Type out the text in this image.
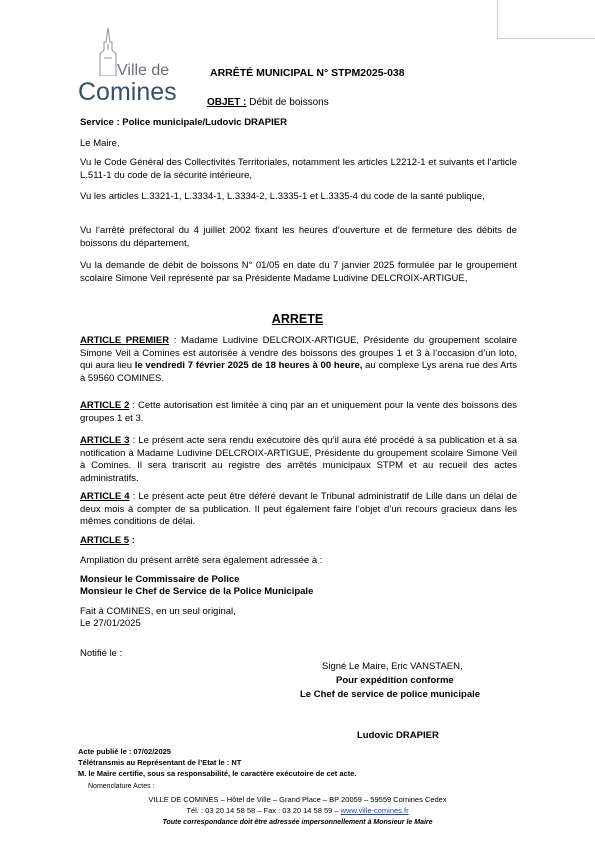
Ville de
Comines
ARRÊTÉ MUNICIPAL N° STPM2025-038
OBJET : Débit de boissons
Service : Police municipale/Ludovic DRAPIER
Le Maire,
Vu le Code Général des Collectivités Territoriales, notamment les articles L2212-1 et suivants et l’article L.511-1 du code de la sécurité intérieure,
Vu les articles L.3321-1, L.3334-1, L.3334-2, L.3335-1 et L.3335-4 du code de la santé publique,
Vu l’arrêté préfectoral du 4 juillet 2002 fixant les heures d’ouverture et de fermeture des débits de boissons du département,
Vu la demande de débit de boissons N° 01/05 en date du 7 janvier 2025 formulée par le groupement scolaire Simone Veil représenté par sa Présidente Madame Ludivine DELCROIX-ARTIGUE,
ARRETE
ARTICLE PREMIER : Madame Ludivine DELCROIX-ARTIGUE, Présidente du groupement scolaire Simone Veil à Comines est autorisée à vendre des boissons des groupes 1 et 3 à l’occasion d’un loto, qui aura lieu le vendredi 7 février 2025 de 18 heures à 00 heure, au complexe Lys arena rue des Arts à 59560 COMINES.
ARTICLE 2 : Cette autorisation est limitée à cinq par an et uniquement pour la vente des boissons des groupes 1 et 3.
ARTICLE 3 : Le présent acte sera rendu exécutoire dès qu’il aura été procédé à sa publication et à sa notification à Madame Ludivine DELCROIX-ARTIGUE, Présidente du groupement scolaire Simone Veil à Comines. Il sera transcrit au registre des arrêtés municipaux STPM et au recueil des actes administratifs.
ARTICLE 4 : Le présent acte peut être déféré devant le Tribunal administratif de Lille dans un délai de deux mois à compter de sa publication. Il peut également faire l’objet d’un recours gracieux dans les mêmes conditions de délai.
ARTICLE 5 :
Ampliation du présent arrêté sera également adressée à :
Monsieur le Commissaire de Police
Monsieur le Chef de Service de la Police Municipale
Fait à COMINES, en un seul original,
Le 27/01/2025
Notifié le :
Signé Le Maire, Eric VANSTAEN,
Pour expédition conforme
Le Chef de service de police municipale
Ludovic DRAPIER
Acte publié le : 07/02/2025
Télétransmis au Représentant de l’Etat le : NT
M. le Maire certifie, sous sa responsabilité, le caractère exécutoire de cet acte.
Nomenclature Actes :
VILLE DE COMINES – Hôtel de Ville – Grand Place – BP 20059 – 59559 Comines Cedex
Tél. : 03 20 14 58 58 – Fax : 03 20 14 58 59 – www.ville-comines.fr
Toute correspondance doit être adressée impersonnellement à Monsieur le Maire
